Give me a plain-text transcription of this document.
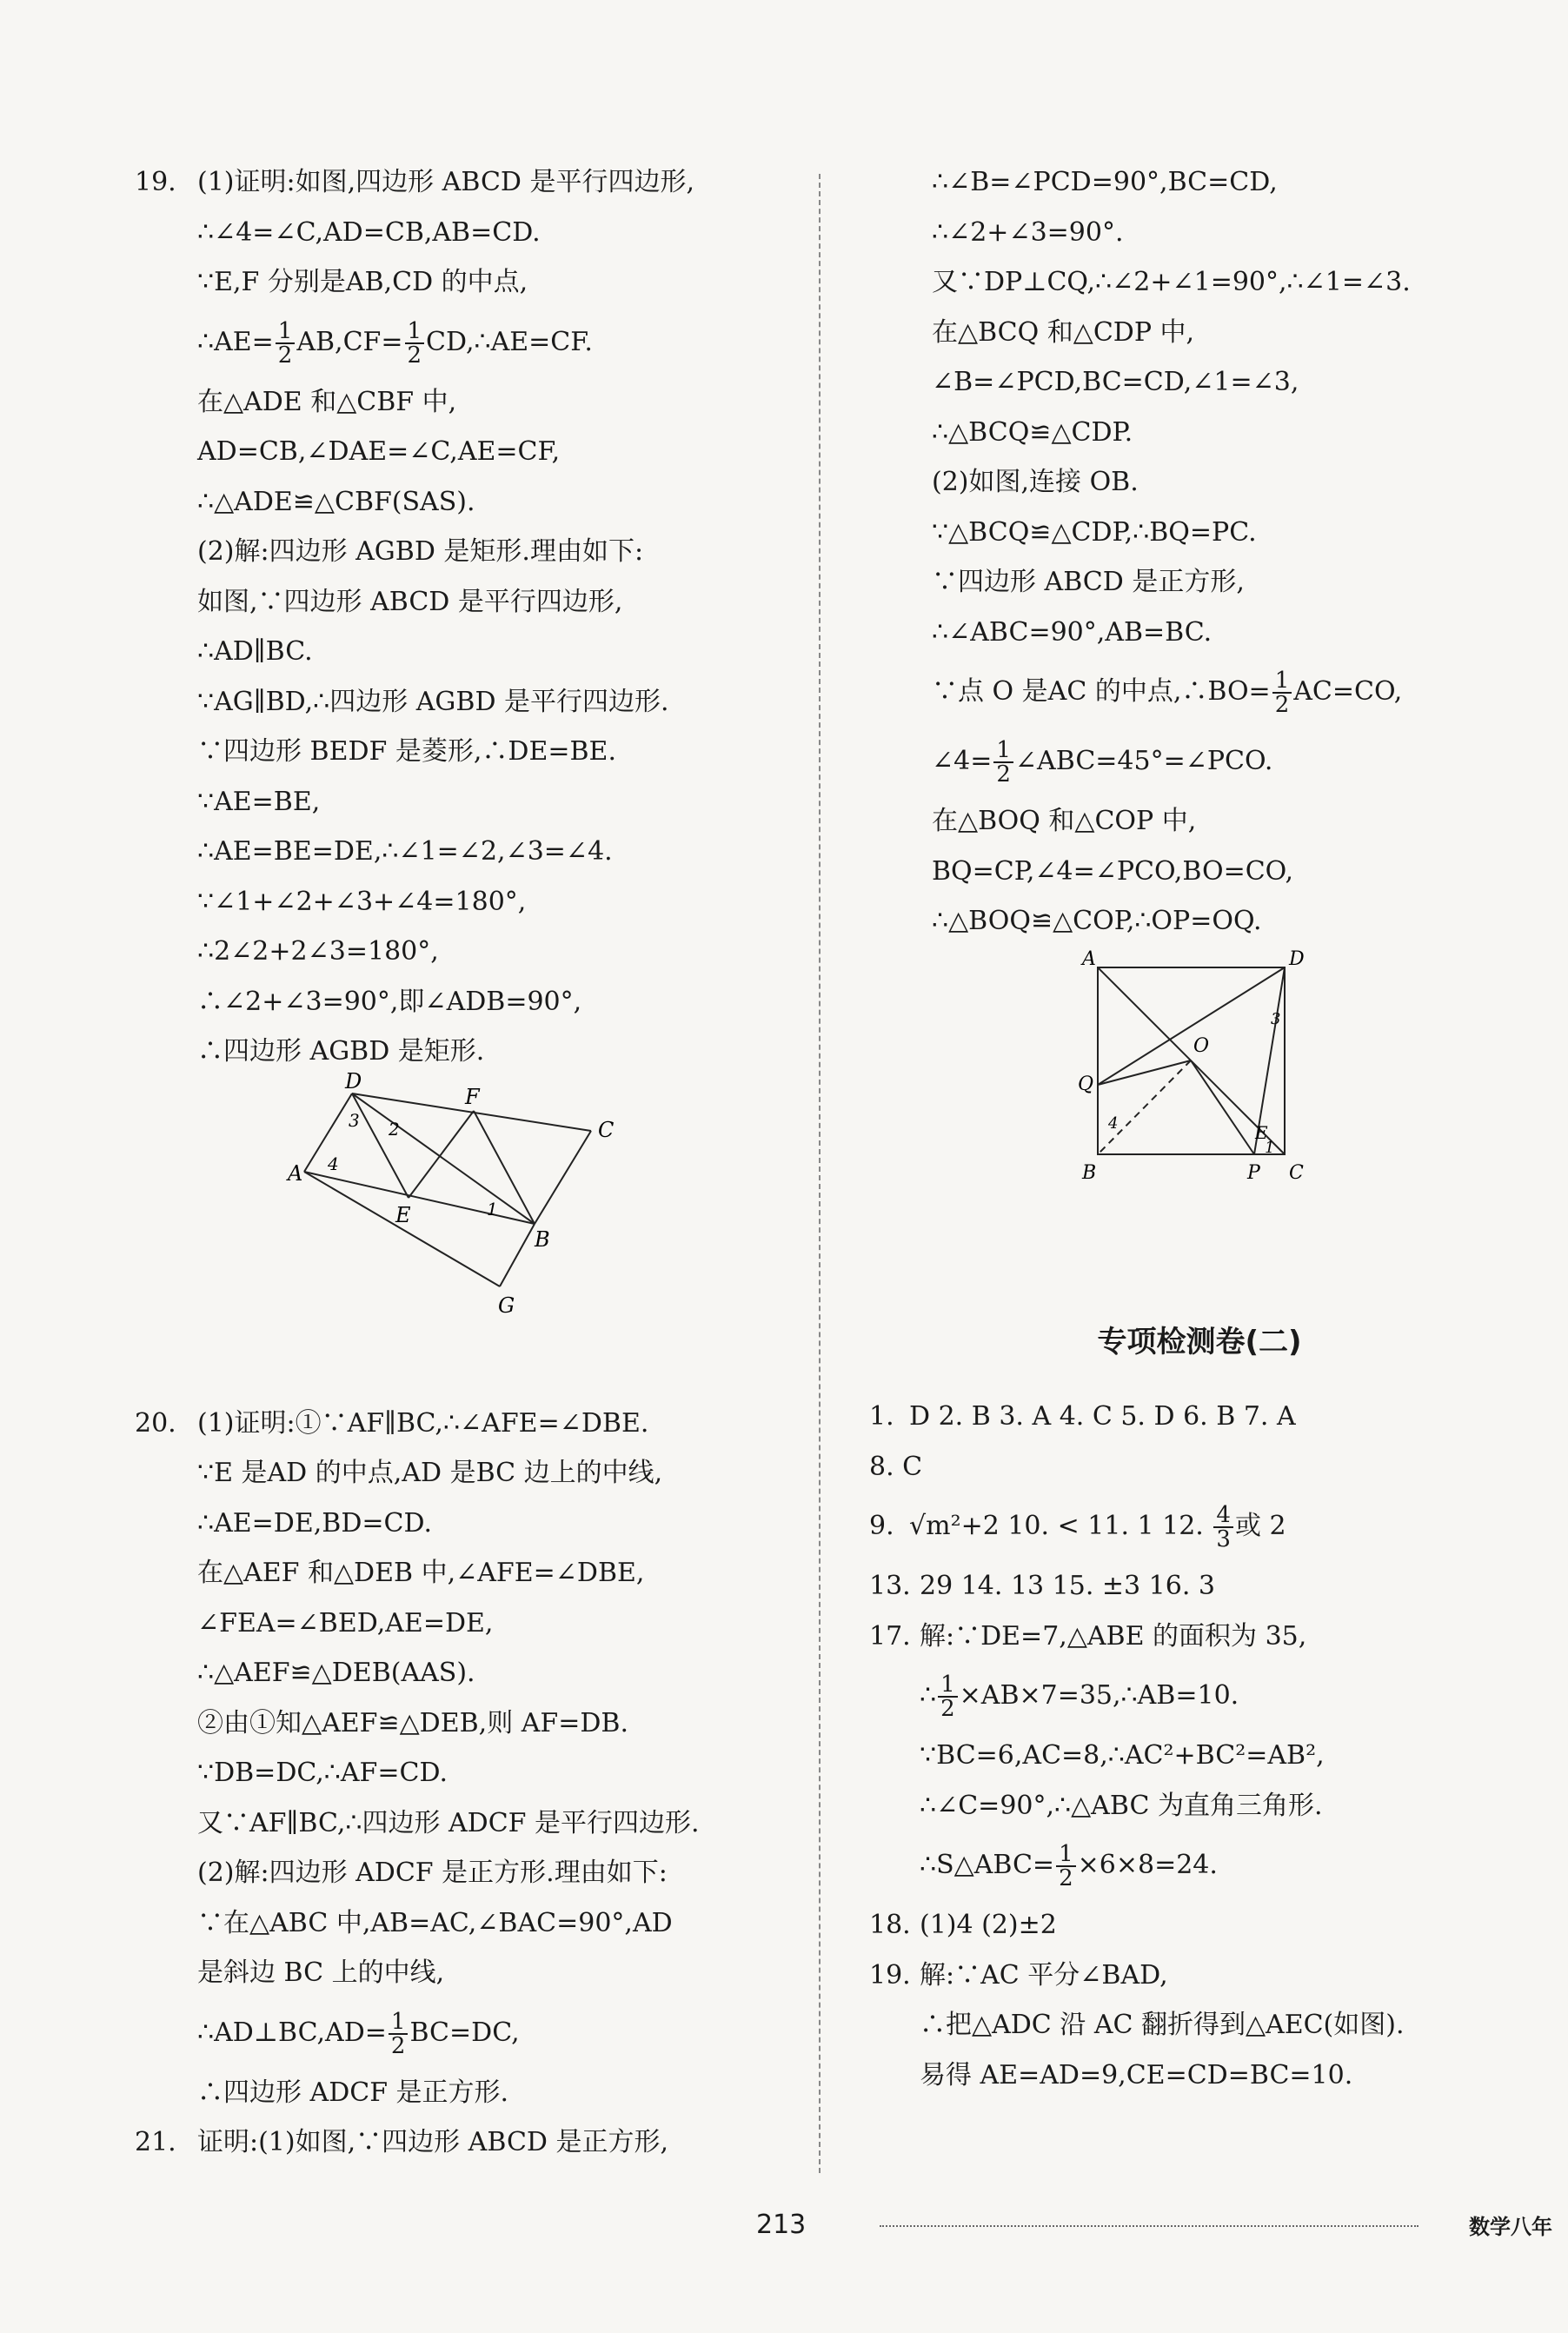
19. (1)证明:如图,四边形 ABCD 是平行四边形,
∴∠4=∠C,AD=CB,AB=CD.
∵E,F 分别是AB,CD 的中点,
∴AE= $\frac{1}{2} AB,CF= \frac{1}{2}$ CD,∴AE=CF.
在△ADE 和△CBF 中,
AD=CB,∠DAE=∠C,AE=CF,
∴△ADE≌△CBF(SAS).
(2)解:四边形 AGBD 是矩形.理由如下:
如图,∵四边形 ABCD 是平行四边形,
∴AD∥BC.
∵AG∥BD,∴四边形 AGBD 是平行四边形.
∵四边形 BEDF 是菱形,∴DE=BE.
∵AE=BE,
∴AE=BE=DE,∴∠1=∠2,∠3=∠4.
∵∠1+∠2+∠3+∠4=180°,
∴2∠2+2∠3=180°,
∴∠2+∠3=90°,即∠ADB=90°,
∴四边形 AGBD 是矩形.
A
D
C
B
E
F
G
1
2
3
4
20. (1)证明:①∵AF∥BC,∴∠AFE=∠DBE.
∵E 是AD 的中点,AD 是BC 边上的中线,
∴AE=DE,BD=CD.
在△AEF 和△DEB 中,∠AFE=∠DBE,
∠FEA=∠BED,AE=DE,
∴△AEF≌△DEB(AAS).
②由①知△AEF≌△DEB,则 AF=DB.
∵DB=DC,∴AF=CD.
又∵AF∥BC,∴四边形 ADCF 是平行四边形.
(2)解:四边形 ADCF 是正方形.理由如下:
∵在△ABC 中,AB=AC,∠BAC=90°,AD
是斜边 BC 上的中线,
∴AD⊥BC,AD= $\frac{1}{2} BC=DC$,
∴四边形 ADCF 是正方形.
21. 证明:(1)如图,∵四边形 ABCD 是正方形,
∴∠B=∠PCD=90°,BC=CD,
∴∠2+∠3=90°.
又∵DP⊥CQ,∴∠2+∠1=90°,∴∠1=∠3.
在△BCQ 和△CDP 中,
∠B=∠PCD,BC=CD,∠1=∠3,
∴△BCQ≌△CDP.
(2)如图,连接 OB.
∵△BCQ≌△CDP,∴BQ=PC.
∵四边形 ABCD 是正方形,
∴∠ABC=90°,AB=BC.
∵点 O 是AC 的中点,∴BO= $\frac{1}{2} AC=CO$,
∠4= $\frac{1}{2}$ ∠ABC=45°=∠PCO.
在△BOQ 和△COP 中,
BQ=CP,∠4=∠PCO,BO=CO,
∴△BOQ≌△COP,∴OP=OQ.
A	D
B	C
O
Q
P
E
1
3
4
专项检测卷(二)
1. D 2. B 3. A 4. C 5. D 6. B 7. A
8. C
9. √m²+2 10. < 11. 1 12. $\frac{4}{3}$ 或 2
13. 29 14. 13 15. ±3 16. 3
17. 解:∵DE=7,△ABE 的面积为 35,
∴ $\frac{1}{2}$ ×AB×7=35,∴AB=10.
∵BC=6,AC=8,∴AC²+BC²=AB²,
∴∠C=90°,∴△ABC 为直角三角形.
∴S△ABC= $\frac{1}{2} \times 6\times 8=24$.
18. (1)4 (2)±2
19. 解:∵AC 平分∠BAD,
∴把△ADC 沿 AC 翻折得到△AEC(如图).
易得 AE=AD=9,CE=CD=BC=10.
213	数学八年
